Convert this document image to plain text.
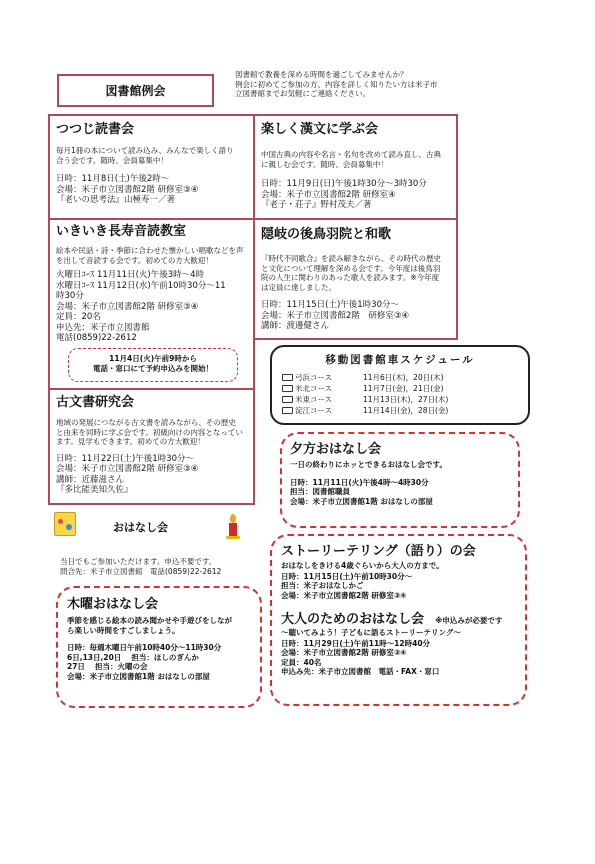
図書館例会
図書館で教養を深める時間を過ごしてみませんか？
例会に初めてご参加の方、内容を詳しく知りたい方は米子市
立図書館までお気軽にご連絡ください。
つつじ読書会
毎月1冊の本について読み込み、みんなで楽しく語り
合う会です。随時、会員募集中！
日時：11月8日(土)午後2時～
会場：米子市立図書館2階 研修室③④
『老いの思考法』山極寿一／著
いきいき長寿音読教室
絵本や民話・詩・季節に合わせた懐かしい唱歌などを声
を出して音読する会です。初めての方大歓迎！
火曜日ｺｰｽ 11月11日(火)午後3時～4時
水曜日ｺｰｽ 11月12日(水)午前10時30分～11
時30分
会場：米子市立図書館2階 研修室③④
定員：20名
申込先：米子市立図書館
電話(0859)22-2612
11月4日(火)午前9時から
電話・窓口にて予約申込みを開始！
古文書研究会
地域の発展につながる古文書を読みながら、その歴史
と由来を同時に学ぶ会です。初級向けの内容となってい
ます。見学もできます。初めての方大歓迎！
日時：11月22日(土)午後1時30分～
会場：米子市立図書館2階 研修室③④
講師：近藤滋さん
『多比能美知久佐』
楽しく漢文に学ぶ会
中国古典の内容や名言・名句を改めて読み直し、古典
に親しむ会です。随時、会員募集中！
日時：11月9日(日)午後1時30分～3時30分
会場：米子市立図書館2階 研修室④
『老子・荘子』野村茂夫／著
隠岐の後鳥羽院と和歌
『時代不同歌合』を読み解きながら、その時代の歴史
と文化について理解を深める会です。今年度は後鳥羽
院の人生に関わりのあった歌人を読みます。※今年度
は定員に達しました。
日時：11月15日(土)午後1時30分～
会場：米子市立図書館2階　研修室③④
講師：渡邊健さん
移動図書館車スケジュール
弓浜コース	11月6日(木)，20日(木)
米北コース	11月7日(金)，21日(金)
米東コース	11月13日(木)，27日(木)
淀江コース	11月14日(金)，28日(金)
夕方おはなし会
一日の終わりにホッとできるおはなし会です。
日時：11月11日(火)午後4時～4時30分
担当：図書館職員
会場：米子市立図書館1階 おはなしの部屋
おはなし会
当日でもご参加いただけます。申込不要です。
問合先：米子市立図書館　電話(0859)22-2612
木曜おはなし会
季節を感じる絵本の読み聞かせや手遊びをしなが
ら楽しい時間をすごしましょう。
日時：毎週木曜日午前10時40分～11時30分
6日,13日,20日　 担当：ほしのぎんか
27日　 担当：火曜の会
会場：米子市立図書館1階 おはなしの部屋
ストーリーテリング（語り）の会
おはなしをきける4歳ぐらいから大人の方まで。
日時：11月15日(土)午前10時30分～
担当：米子おはなしかご
会場：米子市立図書館2階 研修室③④
大人のためのおはなし会 ※申込みが必要です
～聴いてみよう！子どもに語るストーリーテリング～
日時：11月29日(土)午前11時～12時40分
会場：米子市立図書館2階 研修室③④
定員：40名
申込み先：米子市立図書館　電話・FAX・窓口
